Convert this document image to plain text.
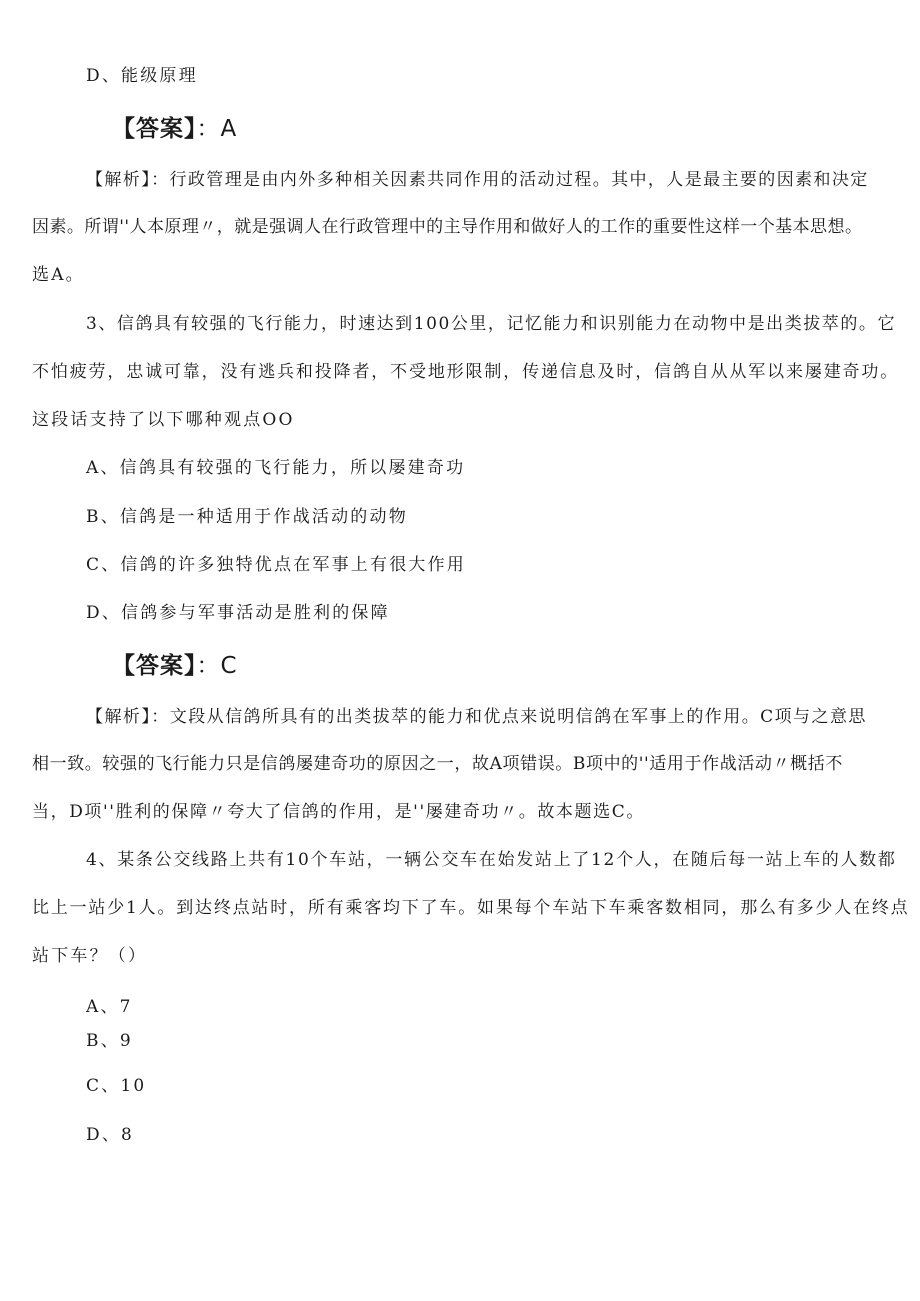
D、能级原理
【答案】：A
【解析】：行政管理是由内外多种相关因素共同作用的活动过程。其中，人是最主要的因素和决定
因素。所谓''人本原理〃，就是强调人在行政管理中的主导作用和做好人的工作的重要性这样一个基本思想。
选A。
3、信鸽具有较强的飞行能力，时速达到100公里，记忆能力和识别能力在动物中是出类拔萃的。它
不怕疲劳，忠诚可靠，没有逃兵和投降者，不受地形限制，传递信息及时，信鸽自从从军以来屡建奇功。
这段话支持了以下哪种观点OO
A、信鸽具有较强的飞行能力，所以屡建奇功
B、信鸽是一种适用于作战活动的动物
C、信鸽的许多独特优点在军事上有很大作用
D、信鸽参与军事活动是胜利的保障
【答案】：C
【解析】：文段从信鸽所具有的出类拔萃的能力和优点来说明信鸽在军事上的作用。C项与之意思
相一致。较强的飞行能力只是信鸽屡建奇功的原因之一，故A项错误。B项中的''适用于作战活动〃概括不
当，D项''胜利的保障〃夸大了信鸽的作用，是''屡建奇功〃。故本题选C。
4、某条公交线路上共有10个车站，一辆公交车在始发站上了12个人，在随后每一站上车的人数都
比上一站少1人。到达终点站时，所有乘客均下了车。如果每个车站下车乘客数相同，那么有多少人在终点
站下车？（）
A、7
B、9
C、10
D、8
